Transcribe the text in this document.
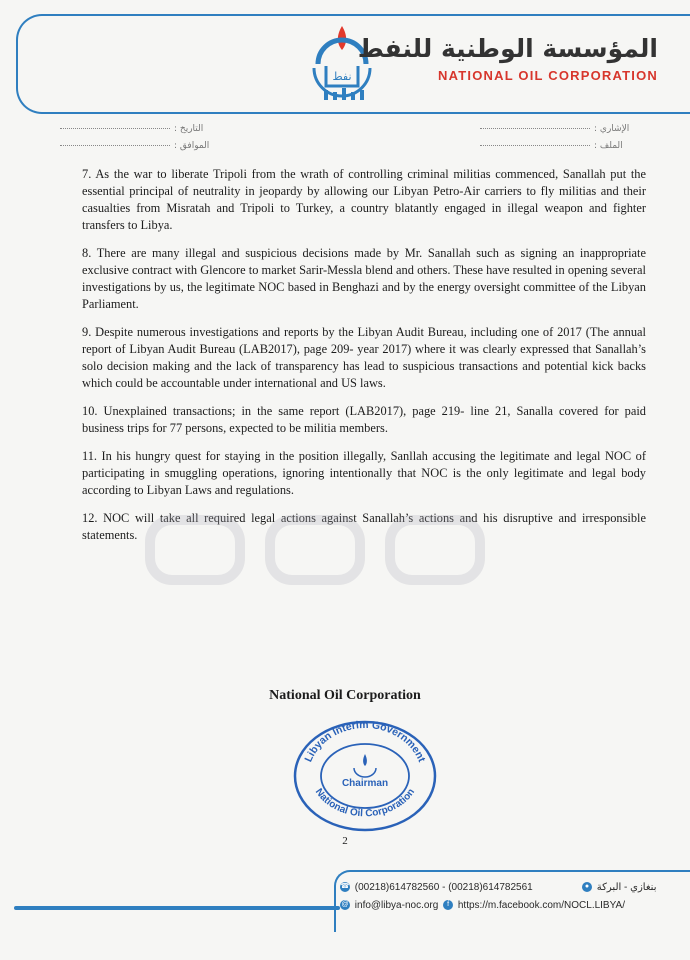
نفط
المؤسسة الوطنية للنفط
NATIONAL OIL CORPORATION
التاريخ :
الموافق :
الإشاري :
الملف :

7. As the war to liberate Tripoli from the wrath of controlling criminal militias commenced, Sanallah put the essential principal of neutrality in jeopardy by allowing our Libyan Petro-Air carriers to fly militias and their casualties from Misratah and Tripoli to Turkey, a country blatantly engaged in illegal weapon and fighter transfers to Libya.

8. There are many illegal and suspicious decisions made by Mr. Sanallah such as signing an inappropriate exclusive contract with Glencore to market Sarir-Messla blend and others. These have resulted in opening several investigations by us, the legitimate NOC based in Benghazi and by the energy oversight committee of the Libyan Parliament.

9. Despite numerous investigations and reports by the Libyan Audit Bureau, including one of 2017 (The annual report of Libyan Audit Bureau (LAB2017), page 209- year 2017) where it was clearly expressed that Sanallah’s solo decision making and the lack of transparency has lead to suspicious transactions and potential kick backs which could be accountable under international and US laws.

10. Unexplained transactions; in the same report (LAB2017), page 219- line 21, Sanalla covered for paid business trips for 77 persons, expected to be militia members.

11. In his hungry quest for staying in the position illegally, Sanllah accusing the legitimate and legal NOC of participating in smuggling operations, ignoring intentionally that NOC is the only legitimate and legal body according to Libyan Laws and regulations.

12. NOC will take all required legal actions against Sanallah’s actions and his disruptive and irresponsible statements.

National Oil Corporation
Libyan Interim Government
Chairman
National Oil Corporation
2
☎ (00218)614782560 - (00218)614782561	● بنغازي - البركة
@ info@libya-noc.org f https://m.facebook.com/NOCL.LIBYA/
